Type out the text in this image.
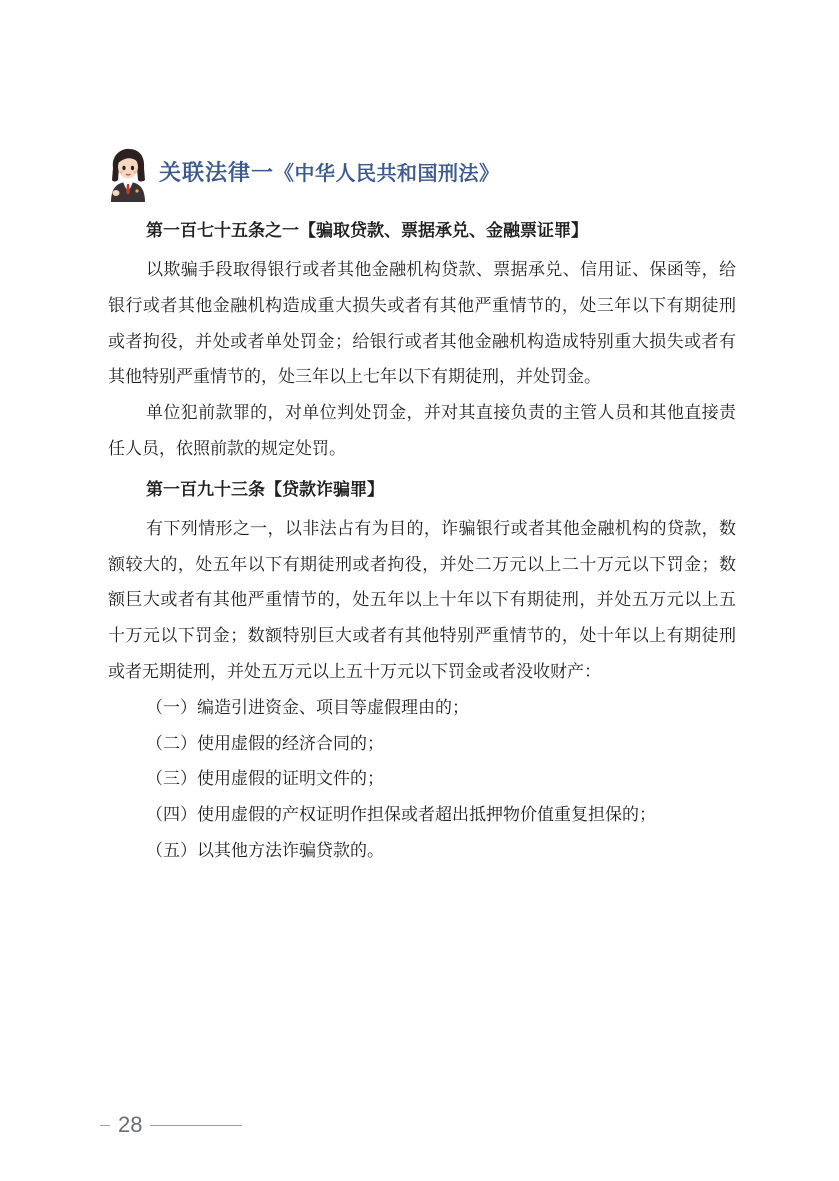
关联法律一《中华人民共和国刑法》

第一百七十五条之一【骗取贷款、票据承兑、金融票证罪】

以欺骗手段取得银行或者其他金融机构贷款、票据承兑、信用证、保函等，给银行或者其他金融机构造成重大损失或者有其他严重情节的，处三年以下有期徒刑或者拘役，并处或者单处罚金；给银行或者其他金融机构造成特别重大损失或者有其他特别严重情节的，处三年以上七年以下有期徒刑，并处罚金。

单位犯前款罪的，对单位判处罚金，并对其直接负责的主管人员和其他直接责任人员，依照前款的规定处罚。

第一百九十三条【贷款诈骗罪】

有下列情形之一，以非法占有为目的，诈骗银行或者其他金融机构的贷款，数额较大的，处五年以下有期徒刑或者拘役，并处二万元以上二十万元以下罚金；数额巨大或者有其他严重情节的，处五年以上十年以下有期徒刑，并处五万元以上五十万元以下罚金；数额特别巨大或者有其他特别严重情节的，处十年以上有期徒刑或者无期徒刑，并处五万元以上五十万元以下罚金或者没收财产：

（一）编造引进资金、项目等虚假理由的；

（二）使用虚假的经济合同的；

（三）使用虚假的证明文件的；

（四）使用虚假的产权证明作担保或者超出抵押物价值重复担保的；

（五）以其他方法诈骗贷款的。

28
